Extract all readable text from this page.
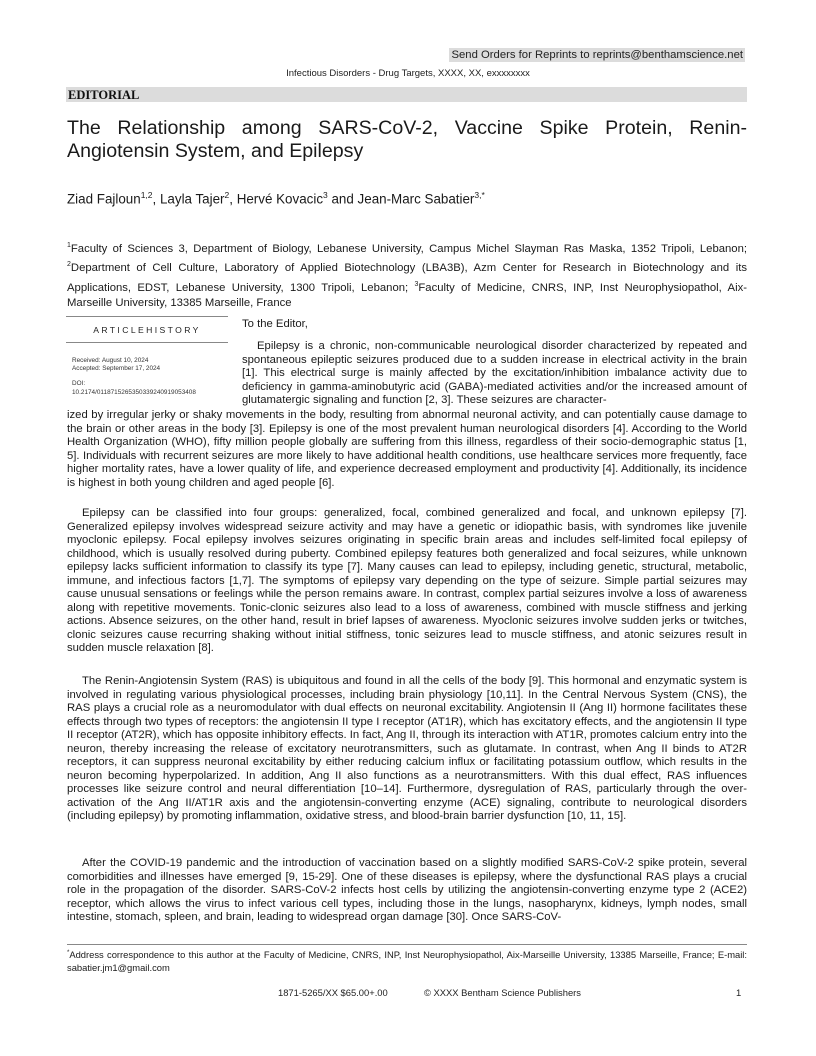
Send Orders for Reprints to reprints@benthamscience.net
Infectious Disorders - Drug Targets, XXXX, XX, exxxxxxxx
EDITORIAL
The Relationship among SARS-CoV-2, Vaccine Spike Protein, Renin-Angiotensin System, and Epilepsy
Ziad Fajloun$^{1,2}$, Layla Tajer$^2$, Hervé Kovacic$^3$ and Jean-Marc Sabatier$^{3,*}$
$^1$Faculty of Sciences 3, Department of Biology, Lebanese University, Campus Michel Slayman Ras Maska, 1352 Tripoli, Lebanon; $^2$Department of Cell Culture, Laboratory of Applied Biotechnology (LBA3B), Azm Center for Research in Biotechnology and its Applications, EDST, Lebanese University, 1300 Tripoli, Lebanon; $^3$Faculty of Medicine, CNRS, INP, Inst Neurophysiopathol, Aix-Marseille University, 13385 Marseille, France
ARTICLEHISTORY
Received: August 10, 2024
Accepted: September 17, 2024
DOI:
10.2174/0118715265350339240919053408
To the Editor,
Epilepsy is a chronic, non-communicable neurological disorder characterized by repeated and spontaneous epileptic seizures produced due to a sudden increase in electrical activity in the brain [1]. This electrical surge is mainly affected by the excitation/inhibition imbalance activity due to deficiency in gamma-aminobutyric acid (GABA)-mediated activities and/or the increased amount of glutamatergic signaling and function [2, 3]. These seizures are character-
ized by irregular jerky or shaky movements in the body, resulting from abnormal neuronal activity, and can potentially cause damage to the brain or other areas in the body [3]. Epilepsy is one of the most prevalent human neurological disorders [4]. According to the World Health Organization (WHO), fifty million people globally are suffering from this illness, regardless of their socio-demographic status [1, 5]. Individuals with recurrent seizures are more likely to have additional health conditions, use healthcare services more frequently, face higher mortality rates, have a lower quality of life, and experience decreased employment and productivity [4]. Additionally, its incidence is highest in both young children and aged people [6].
Epilepsy can be classified into four groups: generalized, focal, combined generalized and focal, and unknown epilepsy [7]. Generalized epilepsy involves widespread seizure activity and may have a genetic or idiopathic basis, with syndromes like juvenile myoclonic epilepsy. Focal epilepsy involves seizures originating in specific brain areas and includes self-limited focal epilepsy of childhood, which is usually resolved during puberty. Combined epilepsy features both generalized and focal seizures, while unknown epilepsy lacks sufficient information to classify its type [7]. Many causes can lead to epilepsy, including genetic, structural, metabolic, immune, and infectious factors [1,7]. The symptoms of epilepsy vary depending on the type of seizure. Simple partial seizures may cause unusual sensations or feelings while the person remains aware. In contrast, complex partial seizures involve a loss of awareness along with repetitive movements. Tonic-clonic seizures also lead to a loss of awareness, combined with muscle stiffness and jerking actions. Absence seizures, on the other hand, result in brief lapses of awareness. Myoclonic seizures involve sudden jerks or twitches, clonic seizures cause recurring shaking without initial stiffness, tonic seizures lead to muscle stiffness, and atonic seizures result in sudden muscle relaxation [8].
The Renin-Angiotensin System (RAS) is ubiquitous and found in all the cells of the body [9]. This hormonal and enzymatic system is involved in regulating various physiological processes, including brain physiology [10,11]. In the Central Nervous System (CNS), the RAS plays a crucial role as a neuromodulator with dual effects on neuronal excitability. Angiotensin II (Ang II) hormone facilitates these effects through two types of receptors: the angiotensin II type I receptor (AT1R), which has excitatory effects, and the angiotensin II type II receptor (AT2R), which has opposite inhibitory effects. In fact, Ang II, through its interaction with AT1R, promotes calcium entry into the neuron, thereby increasing the release of excitatory neurotransmitters, such as glutamate. In contrast, when Ang II binds to AT2R receptors, it can suppress neuronal excitability by either reducing calcium influx or facilitating potassium outflow, which results in the neuron becoming hyperpolarized. In addition, Ang II also functions as a neurotransmitters. With this dual effect, RAS influences processes like seizure control and neural differentiation [10–14]. Furthermore, dysregulation of RAS, particularly through the over-activation of the Ang II/AT1R axis and the angiotensin-converting enzyme (ACE) signaling, contribute to neurological disorders (including epilepsy) by promoting inflammation, oxidative stress, and blood-brain barrier dysfunction [10, 11, 15].
After the COVID-19 pandemic and the introduction of vaccination based on a slightly modified SARS-CoV-2 spike protein, several comorbidities and illnesses have emerged [9, 15-29]. One of these diseases is epilepsy, where the dysfunctional RAS plays a crucial role in the propagation of the disorder. SARS-CoV-2 infects host cells by utilizing the angiotensin-converting enzyme type 2 (ACE2) receptor, which allows the virus to infect various cell types, including those in the lungs, nasopharynx, kidneys, lymph nodes, small intestine, stomach, spleen, and brain, leading to widespread organ damage [30]. Once SARS-CoV-
*Address correspondence to this author at the Faculty of Medicine, CNRS, INP, Inst Neurophysiopathol, Aix-Marseille University, 13385 Marseille, France; E-mail: sabatier.jm1@gmail.com
1871-5265/XX $65.00+.00	© XXXX Bentham Science Publishers	1
